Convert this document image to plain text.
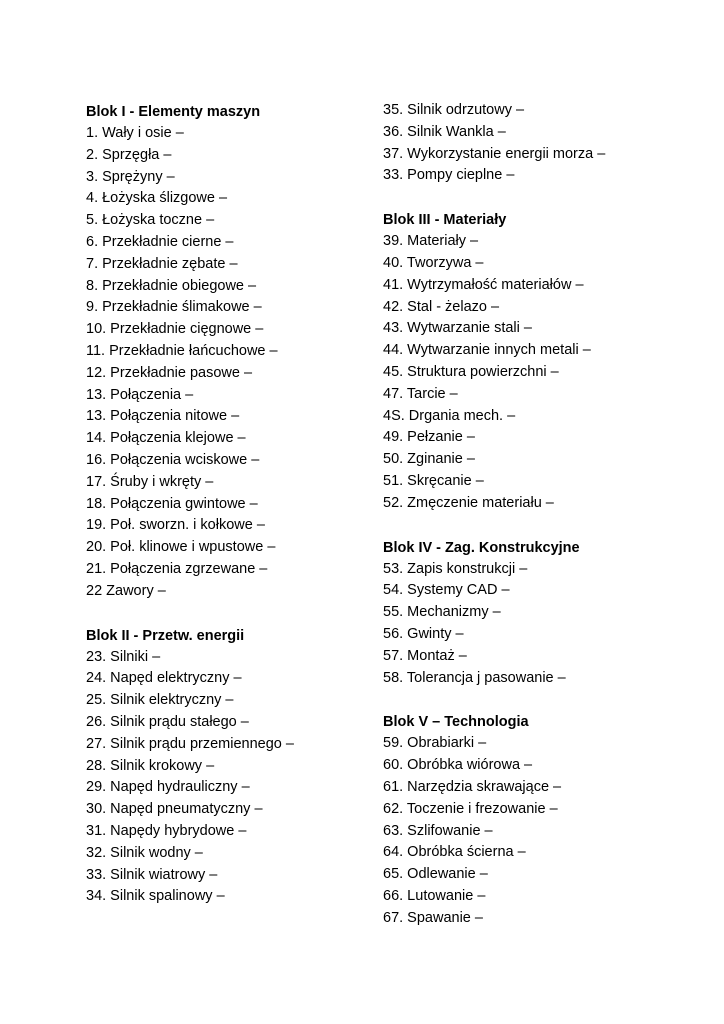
Blok I - Elementy maszyn
1. Wały i osie –
2. Sprzęgła –
3. Sprężyny –
4. Łożyska ślizgowe –
5. Łożyska toczne –
6. Przekładnie cierne –
7. Przekładnie zębate –
8. Przekładnie obiegowe –
9. Przekładnie ślimakowe –
10. Przekładnie cięgnowe –
11. Przekładnie łańcuchowe –
12. Przekładnie pasowe –
13. Połączenia –
13. Połączenia nitowe –
14. Połączenia klejowe –
16. Połączenia wciskowe –
17. Śruby i wkręty –
18. Połączenia gwintowe –
19. Poł. sworzn. i kołkowe –
20. Poł. klinowe i wpustowe –
21. Połączenia zgrzewane –
22 Zawory –
Blok II - Przetw. energii
23. Silniki –
24. Napęd elektryczny –
25. Silnik elektryczny –
26. Silnik prądu stałego –
27. Silnik prądu przemiennego –
28. Silnik krokowy –
29. Napęd hydrauliczny –
30. Napęd pneumatyczny –
31. Napędy hybrydowe –
32. Silnik wodny –
33. Silnik wiatrowy –
34. Silnik spalinowy –
35. Silnik odrzutowy –
36. Silnik Wankla –
37. Wykorzystanie energii morza –
33. Pompy cieplne –
Blok III - Materiały
39. Materiały –
40. Tworzywa –
41. Wytrzymałość materiałów –
42. Stal - żelazo –
43. Wytwarzanie stali –
44. Wytwarzanie innych metali –
45. Struktura powierzchni –
47. Tarcie –
4S. Drgania mech. –
49. Pełzanie –
50. Zginanie –
51. Skręcanie –
52. Zmęczenie materiału –
Blok IV - Zag. Konstrukcyjne
53. Zapis konstrukcji –
54. Systemy CAD –
55. Mechanizmy –
56. Gwinty –
57. Montaż –
58. Tolerancja j pasowanie –
Blok V – Technologia
59. Obrabiarki –
60. Obróbka wiórowa –
61. Narzędzia skrawające –
62. Toczenie i frezowanie –
63. Szlifowanie –
64. Obróbka ścierna –
65. Odlewanie –
66. Lutowanie –
67. Spawanie –
